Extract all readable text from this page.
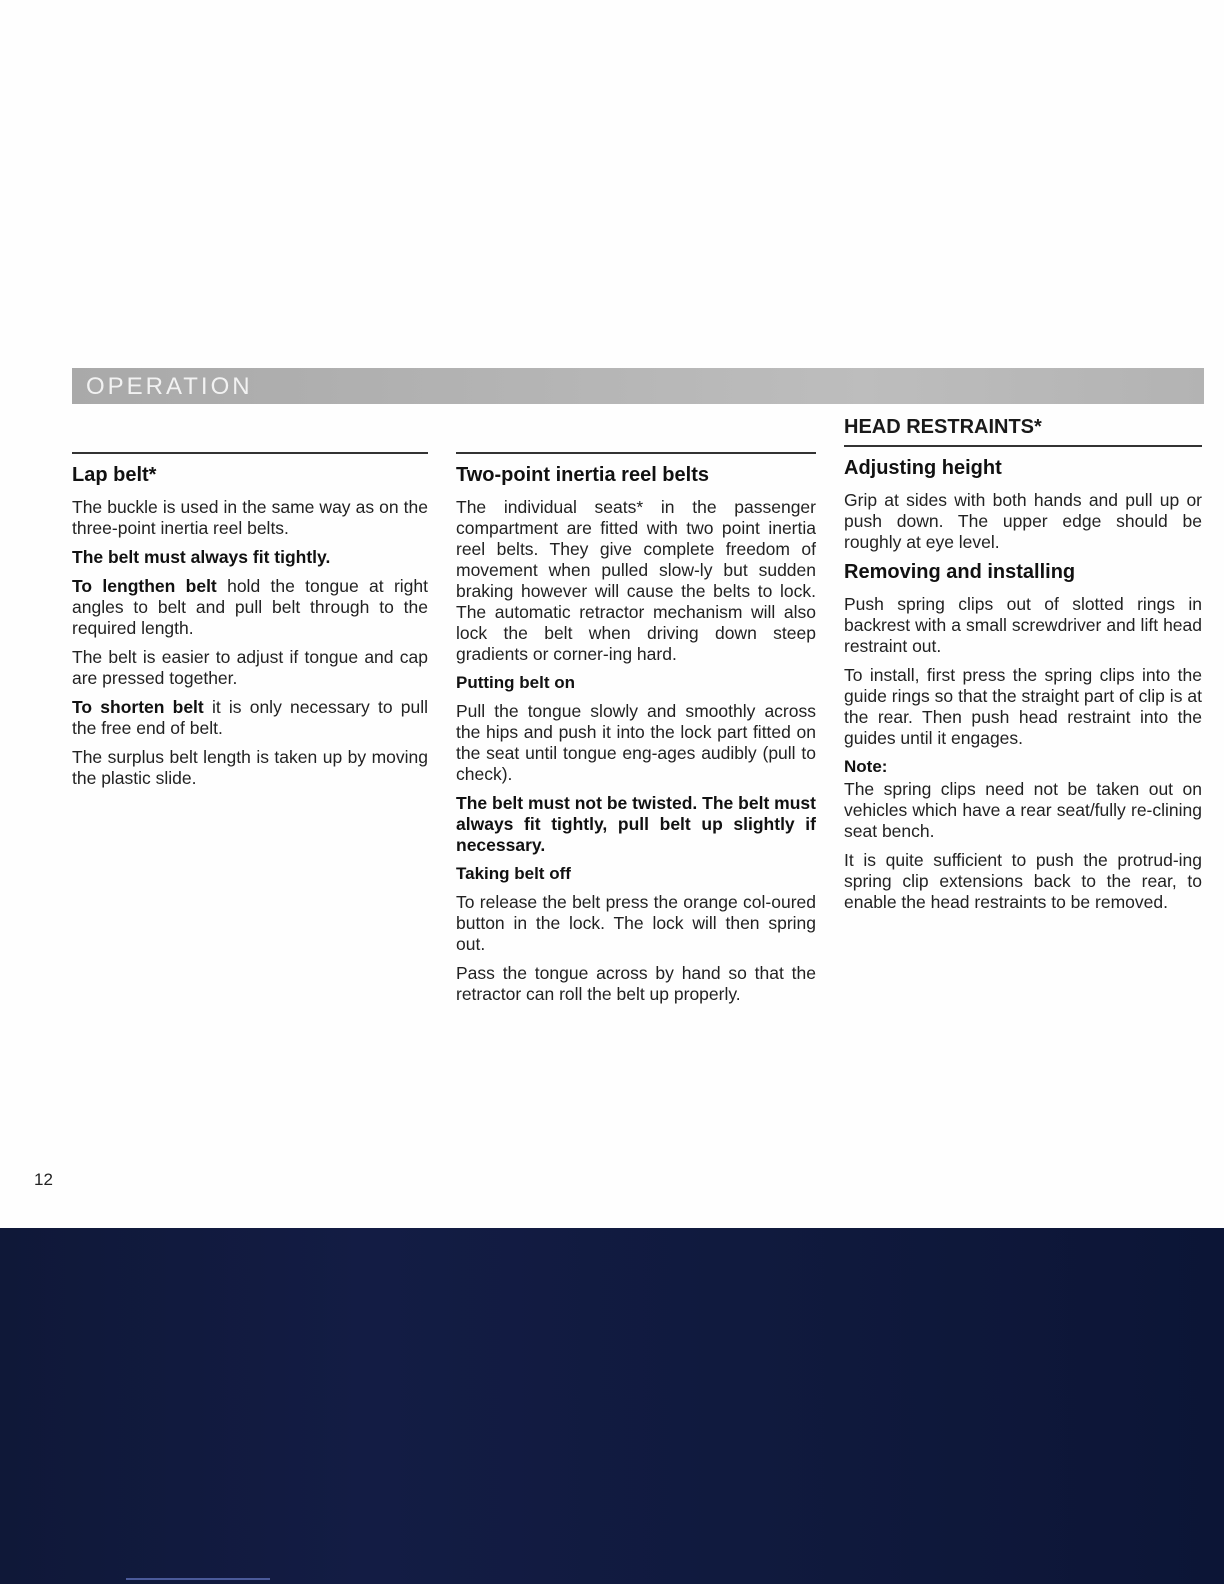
OPERATION
Lap belt*

The buckle is used in the same way as on the three-point inertia reel belts.

The belt must always fit tightly.

To lengthen belt hold the tongue at right angles to belt and pull belt through to the required length.

The belt is easier to adjust if tongue and cap are pressed together.

To shorten belt it is only necessary to pull the free end of belt.

The surplus belt length is taken up by moving the plastic slide.

Two-point inertia reel belts

The individual seats* in the passenger compartment are fitted with two point inertia reel belts. They give complete freedom of movement when pulled slow-ly but sudden braking however will cause the belts to lock. The automatic retractor mechanism will also lock the belt when driving down steep gradients or corner-ing hard.

Putting belt on

Pull the tongue slowly and smoothly across the hips and push it into the lock part fitted on the seat until tongue eng-ages audibly (pull to check).

The belt must not be twisted. The belt must always fit tightly, pull belt up slightly if necessary.

Taking belt off

To release the belt press the orange col-oured button in the lock. The lock will then spring out.

Pass the tongue across by hand so that the retractor can roll the belt up properly.

HEAD RESTRAINTS*
Adjusting height

Grip at sides with both hands and pull up or push down. The upper edge should be roughly at eye level.

Removing and installing

Push spring clips out of slotted rings in backrest with a small screwdriver and lift head restraint out.

To install, first press the spring clips into the guide rings so that the straight part of clip is at the rear. Then push head restraint into the guides until it engages.

Note:

The spring clips need not be taken out on vehicles which have a rear seat/fully re-clining seat bench.

It is quite sufficient to push the protrud-ing spring clip extensions back to the rear, to enable the head restraints to be removed.

12
